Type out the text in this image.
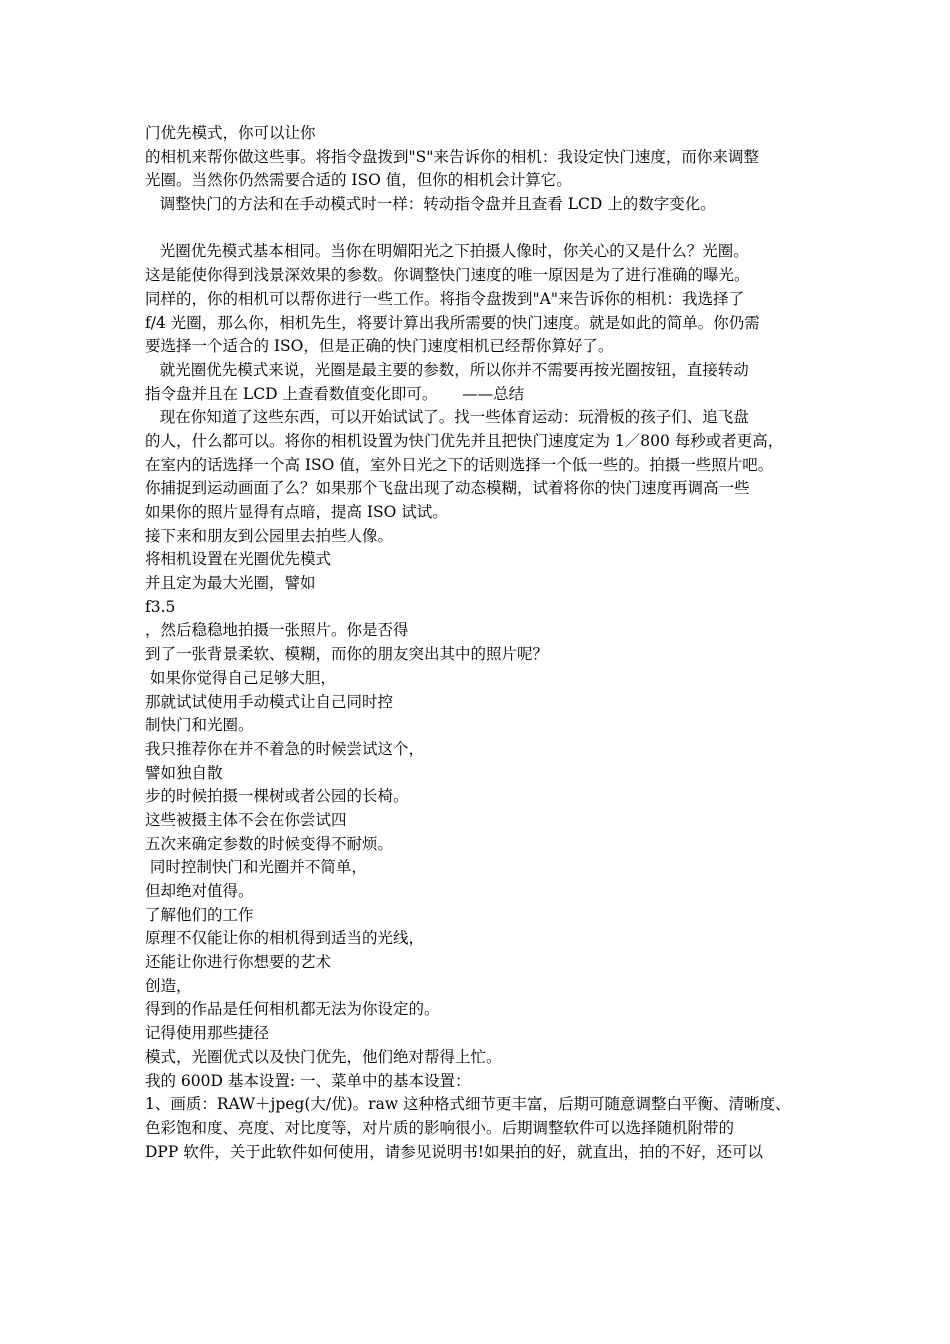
门优先模式，你可以让你
的相机来帮你做这些事。将指令盘拨到"S"来告诉你的相机：我设定快门速度，而你来调整
光圈。当然你仍然需要合适的 ISO 值，但你的相机会计算它。
调整快门的方法和在手动模式时一样：转动指令盘并且查看 LCD 上的数字变化。
光圈优先模式基本相同。当你在明媚阳光之下拍摄人像时，你关心的又是什么？光圈。
这是能使你得到浅景深效果的参数。你调整快门速度的唯一原因是为了进行准确的曝光。
同样的，你的相机可以帮你进行一些工作。将指令盘拨到"A"来告诉你的相机：我选择了
f/4 光圈，那么你，相机先生，将要计算出我所需要的快门速度。就是如此的简单。你仍需
要选择一个适合的 ISO，但是正确的快门速度相机已经帮你算好了。
就光圈优先模式来说，光圈是最主要的参数，所以你并不需要再按光圈按钮，直接转动
指令盘并且在 LCD 上查看数值变化即可。     ——总结
现在你知道了这些东西，可以开始试试了。找一些体育运动：玩滑板的孩子们、追飞盘
的人，什么都可以。将你的相机设置为快门优先并且把快门速度定为 1／800 每秒或者更高，
在室内的话选择一个高 ISO 值，室外日光之下的话则选择一个低一些的。拍摄一些照片吧。
你捕捉到运动画面了么？如果那个飞盘出现了动态模糊，试着将你的快门速度再调高一些
如果你的照片显得有点暗，提高 ISO 试试。
接下来和朋友到公园里去拍些人像。
将相机设置在光圈优先模式
并且定为最大光圈，譬如
f3.5
，然后稳稳地拍摄一张照片。你是否得
到了一张背景柔软、模糊，而你的朋友突出其中的照片呢？
如果你觉得自己足够大胆，
那就试试使用手动模式让自己同时控
制快门和光圈。
我只推荐你在并不着急的时候尝试这个，
譬如独自散
步的时候拍摄一棵树或者公园的长椅。
这些被摄主体不会在你尝试四
五次来确定参数的时候变得不耐烦。
同时控制快门和光圈并不简单，
但却绝对值得。
了解他们的工作
原理不仅能让你的相机得到适当的光线，
还能让你进行你想要的艺术
创造，
得到的作品是任何相机都无法为你设定的。
记得使用那些捷径
模式，光圈优式以及快门优先，他们绝对帮得上忙。
我的 600D 基本设置: 一、菜单中的基本设置：
1、画质：RAW＋jpeg(大/优)。raw 这种格式细节更丰富，后期可随意调整白平衡、清晰度、
色彩饱和度、亮度、对比度等，对片质的影响很小。后期调整软件可以选择随机附带的
DPP 软件，关于此软件如何使用，请参见说明书!如果拍的好，就直出，拍的不好，还可以
